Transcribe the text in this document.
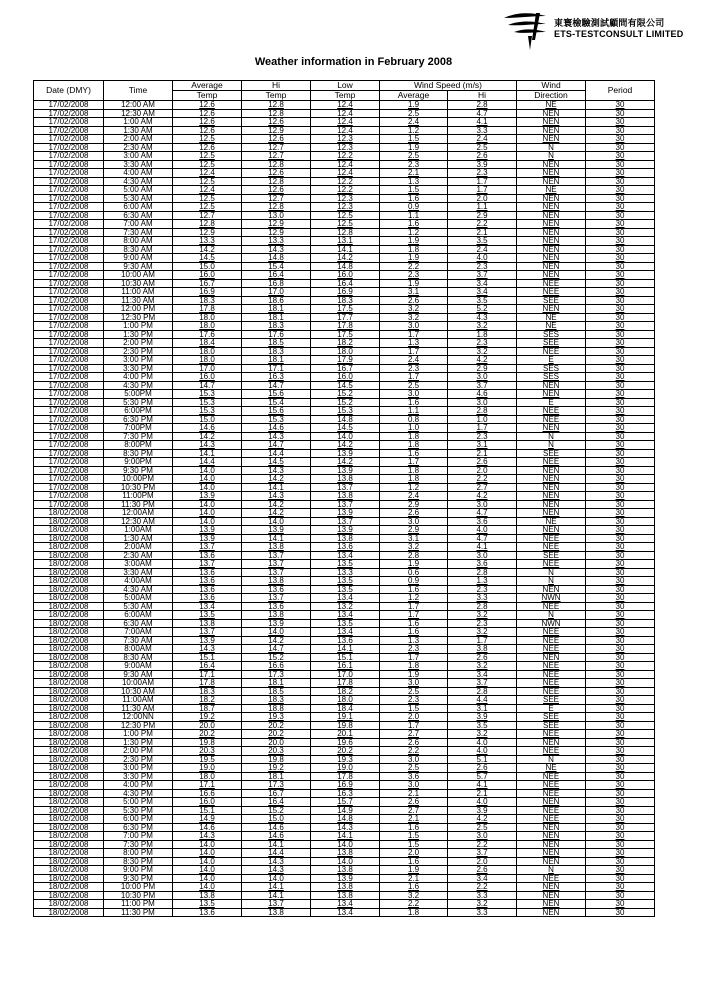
東寰檢驗測試顧問有限公司
ETS-TESTCONSULT LIMITED
Weather information in February 2008
Date (DMY)	Time	Average	Hi	Low	Wind Speed (m/s)		Wind	Period
		Temp	Temp	Temp	Average	Hi	Direction	
17/02/2008	12:00 AM	12.6	12.8	12.4	1.9	2.8	NE	30
17/02/2008	12:30 AM	12.6	12.8	12.4	2.5	4.7	NEN	30
17/02/2008	1:00 AM	12.6	12.6	12.4	2.4	4.1	NEN	30
17/02/2008	1:30 AM	12.6	12.9	12.4	1.2	3.3	NEN	30
17/02/2008	2:00 AM	12.5	12.6	12.3	1.5	2.4	NEN	30
17/02/2008	2:30 AM	12.6	12.7	12.3	1.9	2.5	N	30
17/02/2008	3:00 AM	12.5	12.7	12.2	2.5	2.6	N	30
17/02/2008	3:30 AM	12.5	12.8	12.4	2.3	3.9	NEN	30
17/02/2008	4:00 AM	12.4	12.6	12.4	2.1	2.3	NEN	30
17/02/2008	4:30 AM	12.5	12.8	12.2	1.3	1.7	NEN	30
17/02/2008	5:00 AM	12.4	12.6	12.2	1.5	1.7	NE	30
17/02/2008	5:30 AM	12.5	12.7	12.3	1.6	2.0	NEN	30
17/02/2008	6:00 AM	12.5	12.8	12.3	0.9	1.1	NEN	30
17/02/2008	6:30 AM	12.7	13.0	12.5	1.1	2.9	NEN	30
17/02/2008	7:00 AM	12.8	12.9	12.5	1.6	2.2	NEN	30
17/02/2008	7:30 AM	12.9	12.9	12.8	1.2	2.1	NEN	30
17/02/2008	8:00 AM	13.3	13.3	13.1	1.9	3.5	NEN	30
17/02/2008	8:30 AM	14.2	14.3	14.1	1.8	2.4	NEN	30
17/02/2008	9:00 AM	14.5	14.8	14.2	1.9	4.0	NEN	30
17/02/2008	9:30 AM	15.0	15.4	14.8	2.2	2.3	NEN	30
17/02/2008	10:00 AM	16.0	16.4	16.0	2.3	3.7	NEN	30
17/02/2008	10:30 AM	16.7	16.8	16.4	1.9	3.4	NEE	30
17/02/2008	11:00 AM	16.9	17.0	16.9	3.1	3.4	NEE	30
17/02/2008	11:30 AM	18.3	18.6	18.3	2.6	3.5	SEE	30
17/02/2008	12:00 PM	17.8	18.1	17.5	3.2	5.2	NEN	30
17/02/2008	12:30 PM	18.0	18.1	17.7	3.2	4.3	NE	30
17/02/2008	1:00 PM	18.0	18.3	17.8	3.0	3.2	NE	30
17/02/2008	1:30 PM	17.6	17.6	17.5	1.7	1.8	SES	30
17/02/2008	2:00 PM	18.4	18.5	18.2	1.3	2.3	SEE	30
17/02/2008	2:30 PM	18.0	18.3	18.0	1.7	3.2	NEE	30
17/02/2008	3:00 PM	18.0	18.1	17.9	2.4	4.2	E	30
17/02/2008	3:30 PM	17.0	17.1	16.7	2.3	2.9	SES	30
17/02/2008	4:00 PM	16.0	16.3	16.0	1.7	3.0	SES	30
17/02/2008	4:30 PM	14.7	14.7	14.5	2.5	3.7	NEN	30
17/02/2008	5:00PM	15.3	15.6	15.2	3.0	4.6	NEN	30
17/02/2008	5:30 PM	15.3	15.4	15.2	1.6	3.0	E	30
17/02/2008	6:00PM	15.3	15.6	15.3	1.1	2.8	NEE	30
17/02/2008	6:30 PM	15.0	15.3	14.8	0.8	1.0	NEE	30
17/02/2008	7:00PM	14.6	14.6	14.5	1.0	1.7	NEN	30
17/02/2008	7:30 PM	14.2	14.3	14.0	1.8	2.3	N	30
17/02/2008	8:00PM	14.3	14.7	14.2	1.8	3.1	N	30
17/02/2008	8:30 PM	14.1	14.4	13.9	1.6	2.1	SEE	30
17/02/2008	9:00PM	14.4	14.5	14.2	1.7	2.6	NEE	30
17/02/2008	9:30 PM	14.0	14.3	13.9	1.8	2.0	NEN	30
17/02/2008	10:00PM	14.0	14.2	13.8	1.8	2.2	NEN	30
17/02/2008	10:30 PM	14.0	14.1	13.7	1.2	2.7	NEN	30
17/02/2008	11:00PM	13.9	14.3	13.8	2.4	4.2	NEN	30
17/02/2008	11:30 PM	14.0	14.2	13.7	2.9	3.0	NEN	30
18/02/2008	12:00AM	14.0	14.2	13.9	2.6	4.7	NEN	30
18/02/2008	12:30 AM	14.0	14.0	13.7	3.0	3.6	NE	30
18/02/2008	1:00AM	13.9	13.9	13.9	2.9	4.0	NEN	30
18/02/2008	1:30 AM	13.9	14.1	13.8	3.1	4.7	NEE	30
18/02/2008	2:00AM	13.7	13.8	13.6	3.2	4.1	NEE	30
18/02/2008	2:30 AM	13.6	13.7	13.4	2.8	3.0	SEE	30
18/02/2008	3:00AM	13.7	13.7	13.5	1.9	3.6	NEE	30
18/02/2008	3:30 AM	13.6	13.7	13.3	0.6	2.8	N	30
18/02/2008	4:00AM	13.6	13.8	13.5	0.9	1.3	N	30
18/02/2008	4:30 AM	13.6	13.6	13.5	1.6	2.3	NEN	30
18/02/2008	5:00AM	13.6	13.7	13.4	1.2	3.3	NWN	30
18/02/2008	5:30 AM	13.4	13.6	13.2	1.7	2.8	NEE	30
18/02/2008	6:00AM	13.5	13.8	13.4	1.7	3.2	N	30
18/02/2008	6:30 AM	13.8	13.9	13.5	1.6	2.3	NWN	30
18/02/2008	7:00AM	13.7	14.0	13.4	1.6	3.2	NEE	30
18/02/2008	7:30 AM	13.9	14.2	13.6	1.3	1.7	NEE	30
18/02/2008	8:00AM	14.3	14.7	14.1	2.3	3.8	NEE	30
18/02/2008	8:30 AM	15.1	15.2	15.1	1.7	2.6	NEN	30
18/02/2008	9:00AM	16.4	16.6	16.1	1.8	3.2	NEE	30
18/02/2008	9:30 AM	17.1	17.3	17.0	1.9	3.4	NEE	30
18/02/2008	10:00AM	17.8	18.1	17.8	3.0	3.7	NEE	30
18/02/2008	10:30 AM	18.3	18.5	18.2	2.5	2.8	NEE	30
18/02/2008	11:00AM	18.2	18.3	18.0	2.3	4.4	SEE	30
18/02/2008	11:30 AM	18.7	18.8	18.4	1.5	3.1	E	30
18/02/2008	12:00NN	19.2	19.3	19.1	2.0	3.9	SEE	30
18/02/2008	12:30 PM	20.0	20.2	19.8	1.7	3.5	SEE	30
18/02/2008	1:00 PM	20.2	20.2	20.1	2.7	3.2	NEE	30
18/02/2008	1:30 PM	19.8	20.0	19.6	2.6	4.0	NEN	30
18/02/2008	2:00 PM	20.3	20.3	20.2	2.2	4.0	NEE	30
18/02/2008	2:30 PM	19.5	19.8	19.3	3.0	5.1	N	30
18/02/2008	3:00 PM	19.0	19.2	19.0	2.5	2.6	NE	30
18/02/2008	3:30 PM	18.0	18.1	17.8	3.6	5.7	NEE	30
18/02/2008	4:00 PM	17.1	17.3	16.9	3.0	4.1	NEE	30
18/02/2008	4:30 PM	16.6	16.7	16.3	2.1	2.1	NEE	30
18/02/2008	5:00 PM	16.0	16.4	15.7	2.6	4.0	NEN	30
18/02/2008	5:30 PM	15.1	15.2	14.9	2.7	3.9	NEE	30
18/02/2008	6:00 PM	14.9	15.0	14.8	2.1	4.2	NEE	30
18/02/2008	6:30 PM	14.6	14.6	14.3	1.6	2.5	NEN	30
18/02/2008	7:00 PM	14.3	14.6	14.1	1.5	3.0	NEN	30
18/02/2008	7:30 PM	14.0	14.1	14.0	1.5	2.2	NEN	30
18/02/2008	8:00 PM	14.0	14.4	13.8	2.0	3.7	NEN	30
18/02/2008	8:30 PM	14.0	14.3	14.0	1.6	2.0	NEN	30
18/02/2008	9:00 PM	14.0	14.3	13.8	1.9	2.6	N	30
18/02/2008	9:30 PM	14.0	14.0	13.9	2.1	3.4	NEE	30
18/02/2008	10:00 PM	14.0	14.1	13.8	1.6	2.2	NEN	30
18/02/2008	10:30 PM	13.8	14.1	13.8	3.2	3.3	NEN	30
18/02/2008	11:00 PM	13.5	13.7	13.4	2.2	3.2	NEN	30
18/02/2008	11:30 PM	13.6	13.8	13.4	1.8	3.3	NEN	30
